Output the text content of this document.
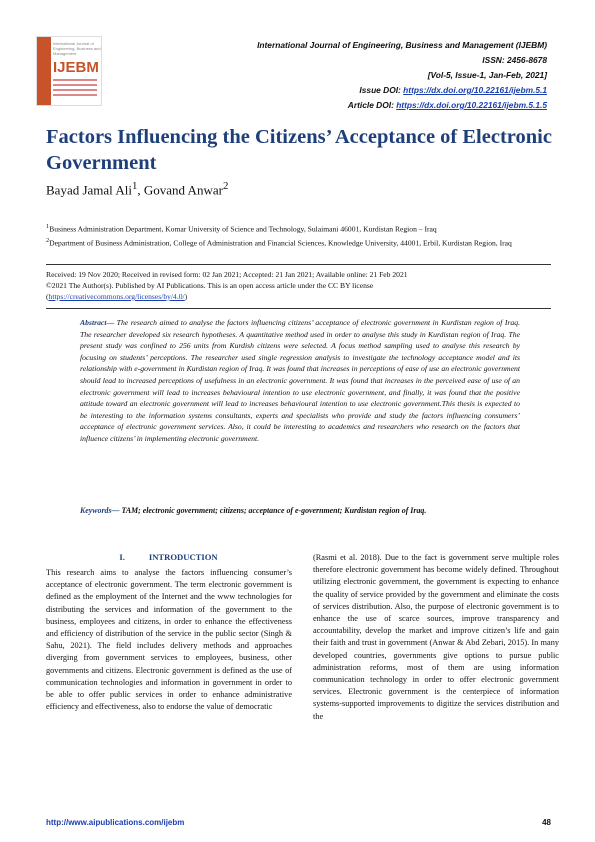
International Journal of Engineering, Business and Management
IJEBM
International Journal of Engineering, Business and Management (IJEBM)
ISSN: 2456-8678
[Vol-5, Issue-1, Jan-Feb, 2021]
Issue DOI: https://dx.doi.org/10.22161/ijebm.5.1
Article DOI: https://dx.doi.org/10.22161/ijebm.5.1.5
Factors Influencing the Citizens’ Acceptance of Electronic Government
Bayad Jamal Ali$^1$, Govand Anwar$^2$
$^1$Business Administration Department, Komar University of Science and Technology, Sulaimani 46001, Kurdistan Region – Iraq
$^2$Department of Business Administration, College of Administration and Financial Sciences, Knowledge University, 44001, Erbil, Kurdistan Region, Iraq
Received: 19 Nov 2020; Received in revised form: 02 Jan 2021; Accepted: 21 Jan 2021; Available online: 21 Feb 2021
©2021 The Author(s). Published by AI Publications. This is an open access article under the CC BY license
(https://creativecommons.org/licenses/by/4.0/)
Abstract— The research aimed to analyse the factors influencing citizens’ acceptance of electronic government in Kurdistan region of Iraq. The researcher developed six research hypotheses. A quantitative method used in order to analyse this study in Kurdistan region of Iraq. The present study was confined to 256 units from Kurdish citizens were selected. A focus method sampling used to analyse this research by focusing on students’ perceptions. The researcher used single regression analysis to investigate the technology acceptance model and its relationship with e-government in Kurdistan region of Iraq. It was found that increases in perceptions of ease of use an electronic government should lead to increased perceptions of usefulness in an electronic government. It was found that increases in the perceived ease of use of an electronic government will lead to increases behavioural intention to use electronic government, and finally, it was found that the positive attitude toward an electronic government will lead to increases behavioural intention to use electronic government.This thesis is expected to be interesting to the information systems consultants, experts and specialists who provide and study the factors influencing consumers’ acceptance of electronic government services. Also, it could be interesting to academics and researchers who research on the factors that influence citizens’ in implementing electronic government.
Keywords— TAM; electronic government; citizens; acceptance of e-government; Kurdistan region of Iraq.
I.	INTRODUCTION
This research aims to analyse the factors influencing consumer’s acceptance of electronic government. The term electronic government is defined as the employment of the Internet and the www technologies for distributing the services and information of the government to the business, employees and citizens, in order to enhance the effectiveness and efficiency of distribution of the service in the public sector (Singh & Sahu, 2021). The field includes delivery methods and approaches diverging from government services to employees, business, other governments and citizens. Electronic government is defined as the use of communication technologies and information in government in order to be able to offer public services in order to enhance administrative efficiency and effectiveness, also to endorse the value of democratic
(Rasmi et al. 2018). Due to the fact is government serve multiple roles therefore electronic government has become widely defined. Throughout utilizing electronic government, the government is expecting to enhance the quality of service provided by the government and eliminate the costs of services distribution. Also, the purpose of electronic government is to enhance the use of scarce sources, improve transparency and accountability, develop the market and improve citizen’s life and gain their faith and trust in government (Anwar & Abd Zebari, 2015). In many developed countries, governments give options to pursue public administration reforms, most of them are using information communication technology in order to offer electronic government services. Electronic government is the centerpiece of information systems-supported improvements to digitize the services distribution and the
http://www.aipublications.com/ijebm	48
